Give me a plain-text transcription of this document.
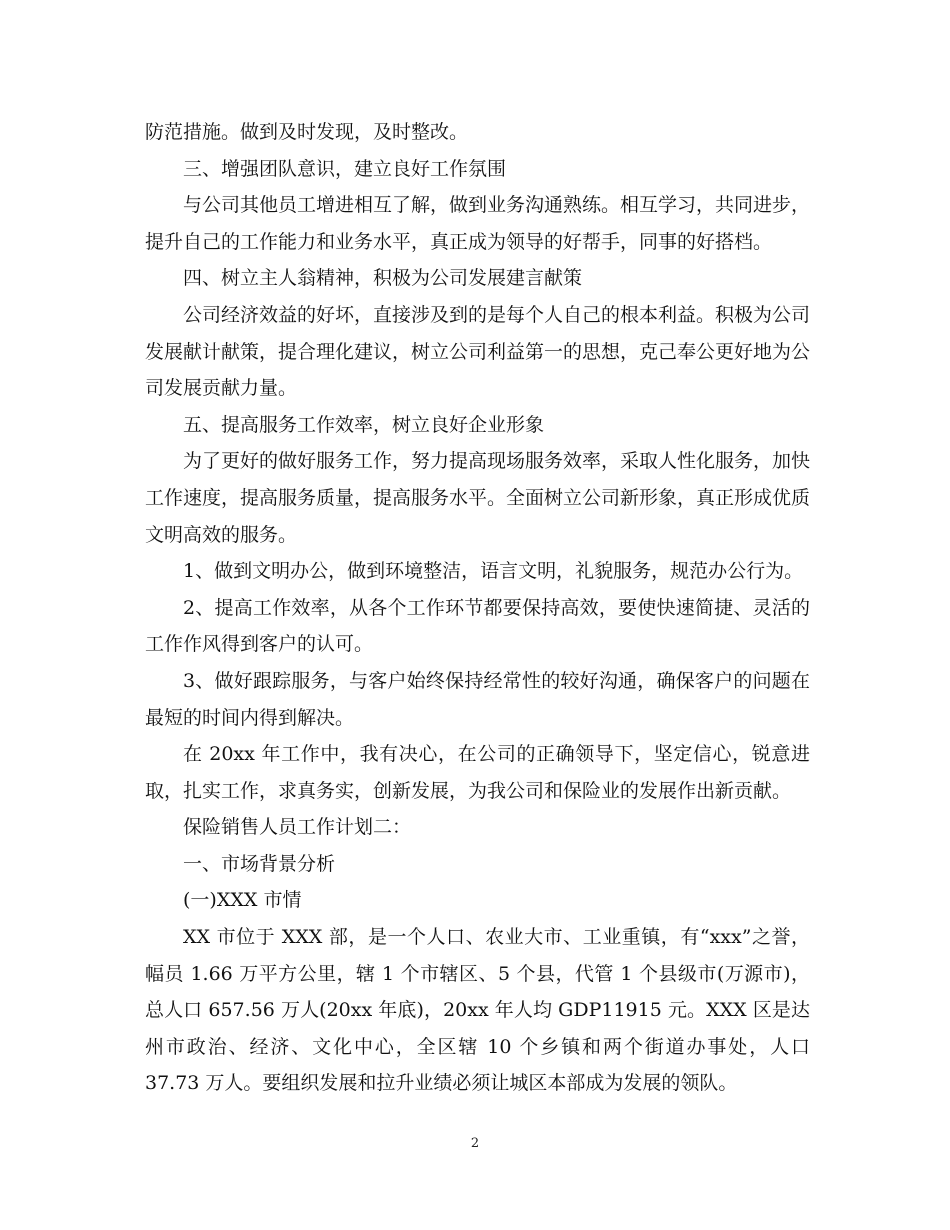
防范措施。做到及时发现，及时整改。

三、增强团队意识，建立良好工作氛围

与公司其他员工增进相互了解，做到业务沟通熟练。相互学习，共同进步，提升自己的工作能力和业务水平，真正成为领导的好帮手，同事的好搭档。

四、树立主人翁精神，积极为公司发展建言献策

公司经济效益的好坏，直接涉及到的是每个人自己的根本利益。积极为公司发展献计献策，提合理化建议，树立公司利益第一的思想，克己奉公更好地为公司发展贡献力量。

五、提高服务工作效率，树立良好企业形象

为了更好的做好服务工作，努力提高现场服务效率，采取人性化服务，加快工作速度，提高服务质量，提高服务水平。全面树立公司新形象，真正形成优质文明高效的服务。

1、做到文明办公，做到环境整洁，语言文明，礼貌服务，规范办公行为。

2、提高工作效率，从各个工作环节都要保持高效，要使快速简捷、灵活的工作作风得到客户的认可。

3、做好跟踪服务，与客户始终保持经常性的较好沟通，确保客户的问题在最短的时间内得到解决。

在 20xx 年工作中，我有决心，在公司的正确领导下，坚定信心，锐意进取，扎实工作，求真务实，创新发展，为我公司和保险业的发展作出新贡献。

保险销售人员工作计划二：

一、市场背景分析

(一)XXX 市情

XX 市位于 XXX 部，是一个人口、农业大市、工业重镇，有“xxx”之誉，幅员 1.66 万平方公里，辖 1 个市辖区、5 个县，代管 1 个县级市(万源市)，总人口 657.56 万人(20xx 年底)，20xx 年人均 GDP11915 元。XXX 区是达州市政治、经济、文化中心，全区辖 10 个乡镇和两个街道办事处，人口 37.73 万人。要组织发展和拉升业绩必须让城区本部成为发展的领队。

2
